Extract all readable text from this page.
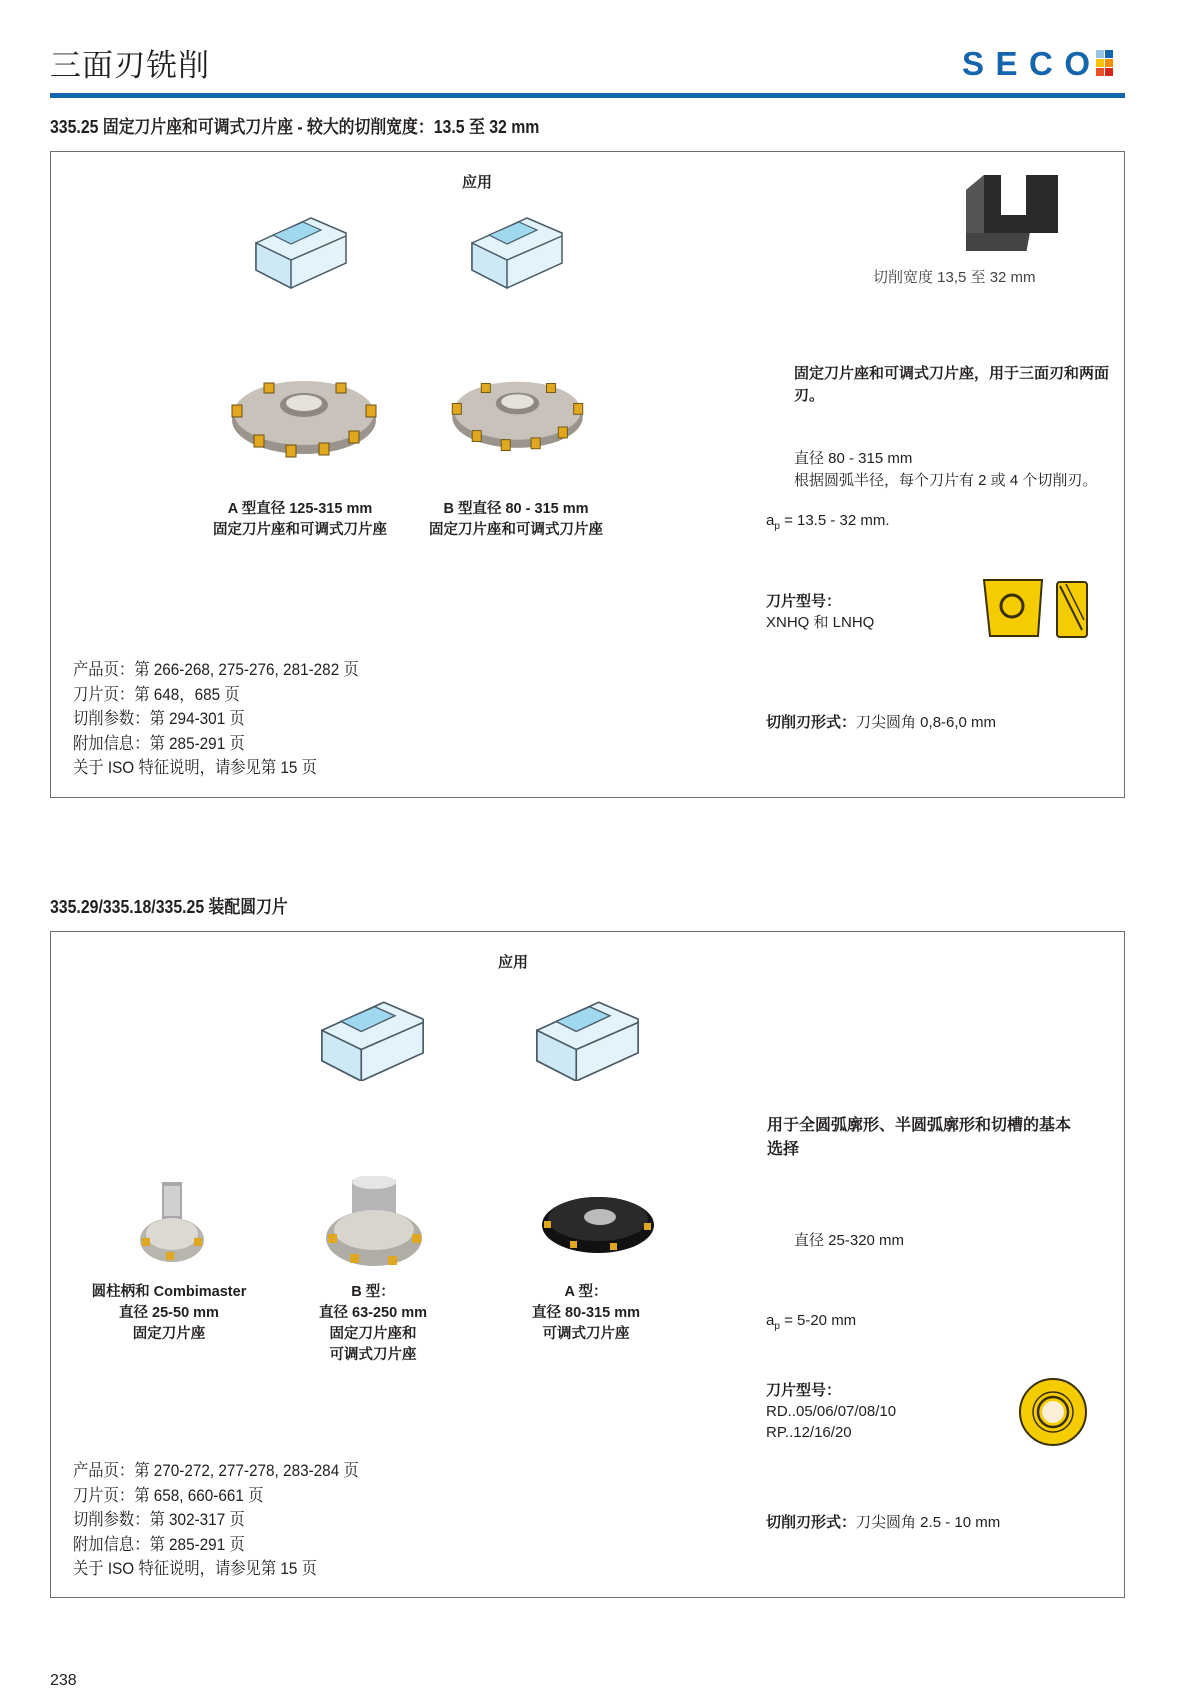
三面刃铣削	SECO
335.25 固定刀片座和可调式刀片座 - 较大的切削宽度：13.5 至 32 mm
应用
切削宽度 13,5 至 32 mm
A 型直径 125-315 mm
固定刀片座和可调式刀片座
B 型直径 80 - 315 mm
固定刀片座和可调式刀片座
固定刀片座和可调式刀片座，用于三面刃和两面
刃。
直径 80 - 315 mm
根据圆弧半径，每个刀片有 2 或 4 个切削刃。
$a_p = 13.5 - 32$ mm.
刀片型号：
XNHQ 和 LNHQ
切削刃形式：刀尖圆角 0,8-6,0 mm
产品页：第 266-268, 275-276, 281-282 页
刀片页：第 648，685 页
切削参数：第 294-301 页
附加信息：第 285-291 页
关于 ISO 特征说明，请参见第 15 页
335.29/335.18/335.25 装配圆刀片
应用
圆柱柄和 Combimaster
直径 25-50 mm
固定刀片座
B 型：
直径 63-250 mm
固定刀片座和
可调式刀片座
A 型：
直径 80-315 mm
可调式刀片座
用于全圆弧廓形、半圆弧廓形和切槽的基本
选择
直径 25-320 mm
$a_p = 5-20$ mm
刀片型号：
RD..05/06/07/08/10
RP..12/16/20
切削刃形式：刀尖圆角 2.5 - 10 mm
产品页：第 270-272, 277-278, 283-284 页
刀片页：第 658, 660-661 页
切削参数：第 302-317 页
附加信息：第 285-291 页
关于 ISO 特征说明，请参见第 15 页
238
